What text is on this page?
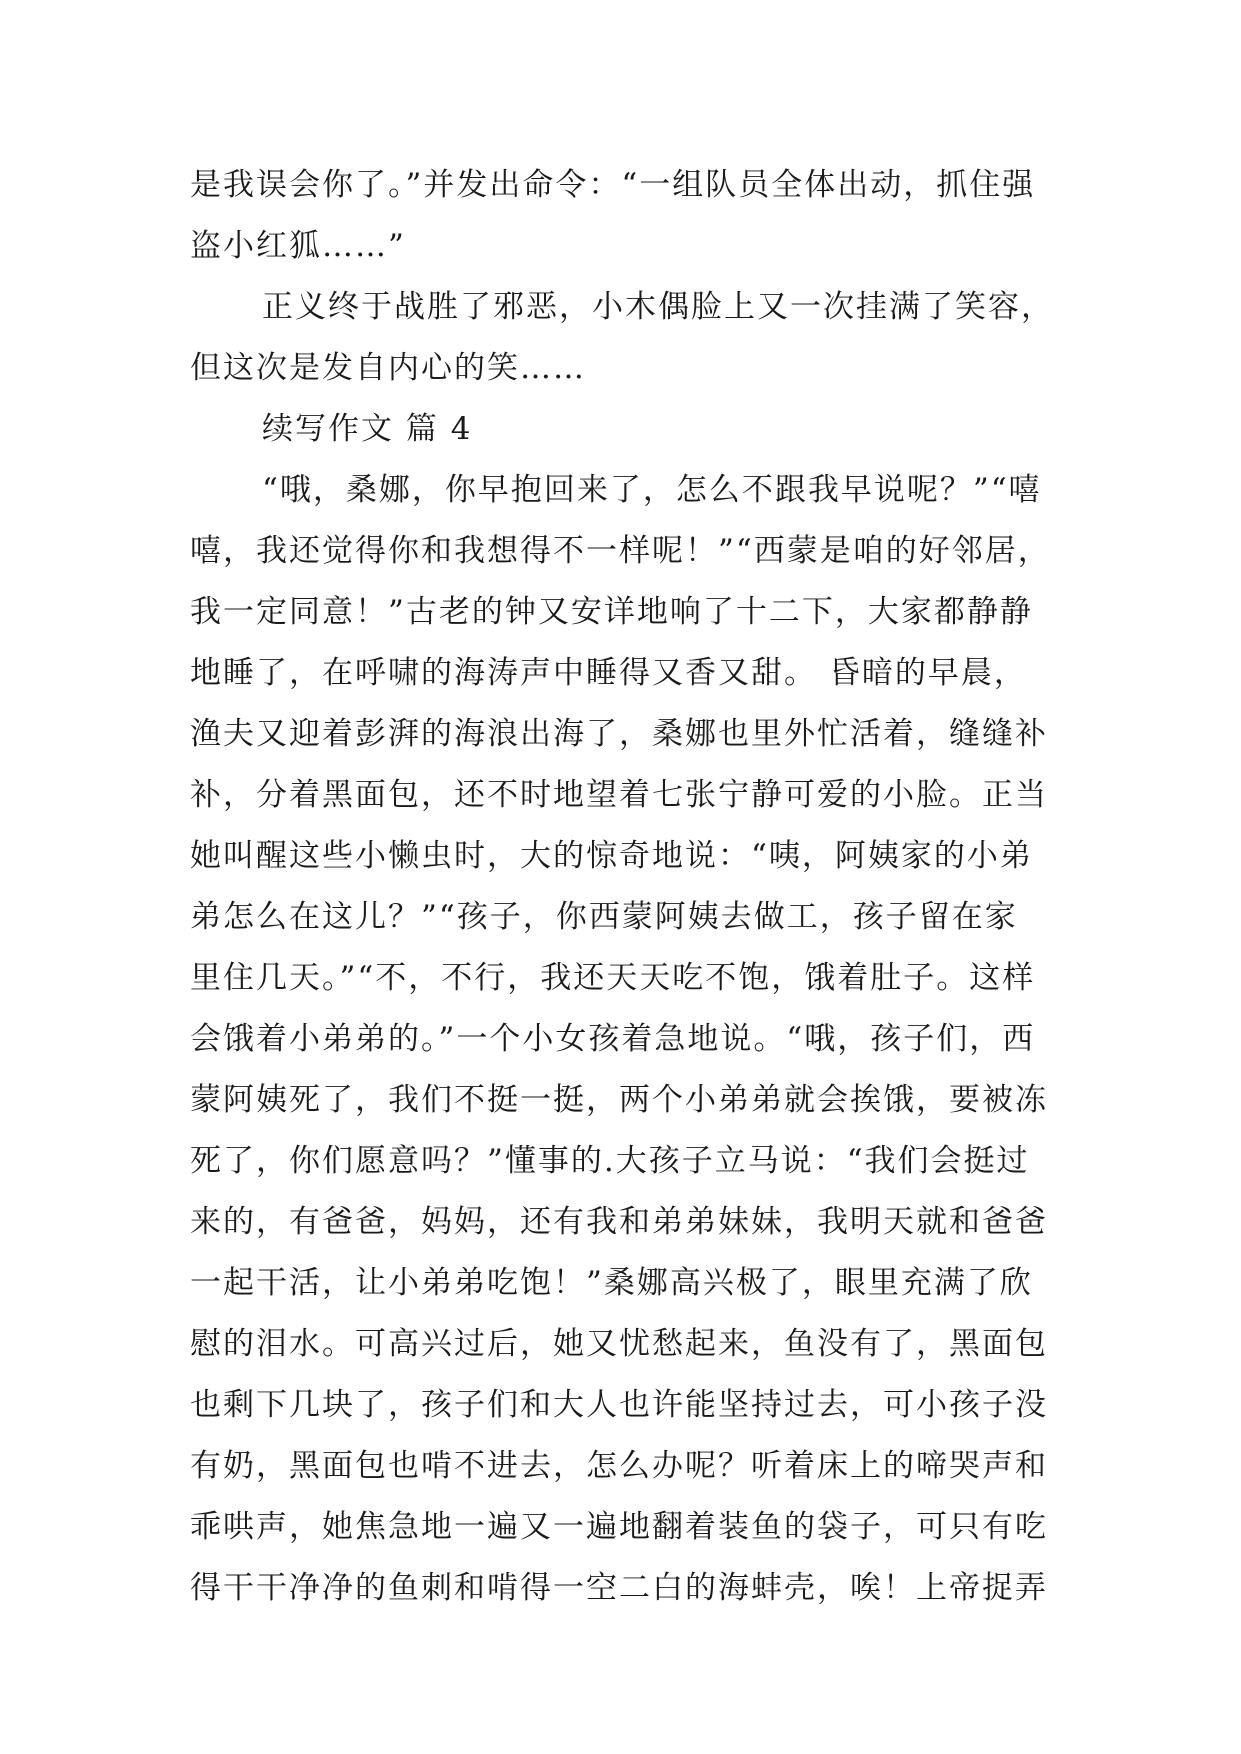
是我误会你了。”并发出命令：“一组队员全体出动，抓住强
盗小红狐……”
正义终于战胜了邪恶，小木偶脸上又一次挂满了笑容，
但这次是发自内心的笑……
续写作文 篇 4
“哦，桑娜，你早抱回来了，怎么不跟我早说呢？”“嘻
嘻，我还觉得你和我想得不一样呢！”“西蒙是咱的好邻居，
我一定同意！”古老的钟又安详地响了十二下，大家都静静
地睡了，在呼啸的海涛声中睡得又香又甜。 昏暗的早晨，
渔夫又迎着彭湃的海浪出海了，桑娜也里外忙活着，缝缝补
补，分着黑面包，还不时地望着七张宁静可爱的小脸。正当
她叫醒这些小懒虫时，大的惊奇地说：“咦，阿姨家的小弟
弟怎么在这儿？”“孩子，你西蒙阿姨去做工，孩子留在家
里住几天。”“不，不行，我还天天吃不饱，饿着肚子。这样
会饿着小弟弟的。”一个小女孩着急地说。“哦，孩子们，西
蒙阿姨死了，我们不挺一挺，两个小弟弟就会挨饿，要被冻
死了，你们愿意吗？”懂事的.大孩子立马说：“我们会挺过
来的，有爸爸，妈妈，还有我和弟弟妹妹，我明天就和爸爸
一起干活，让小弟弟吃饱！”桑娜高兴极了，眼里充满了欣
慰的泪水。可高兴过后，她又忧愁起来，鱼没有了，黑面包
也剩下几块了，孩子们和大人也许能坚持过去，可小孩子没
有奶，黑面包也啃不进去，怎么办呢？听着床上的啼哭声和
乖哄声，她焦急地一遍又一遍地翻着装鱼的袋子，可只有吃
得干干净净的鱼刺和啃得一空二白的海蚌壳，唉！上帝捉弄
